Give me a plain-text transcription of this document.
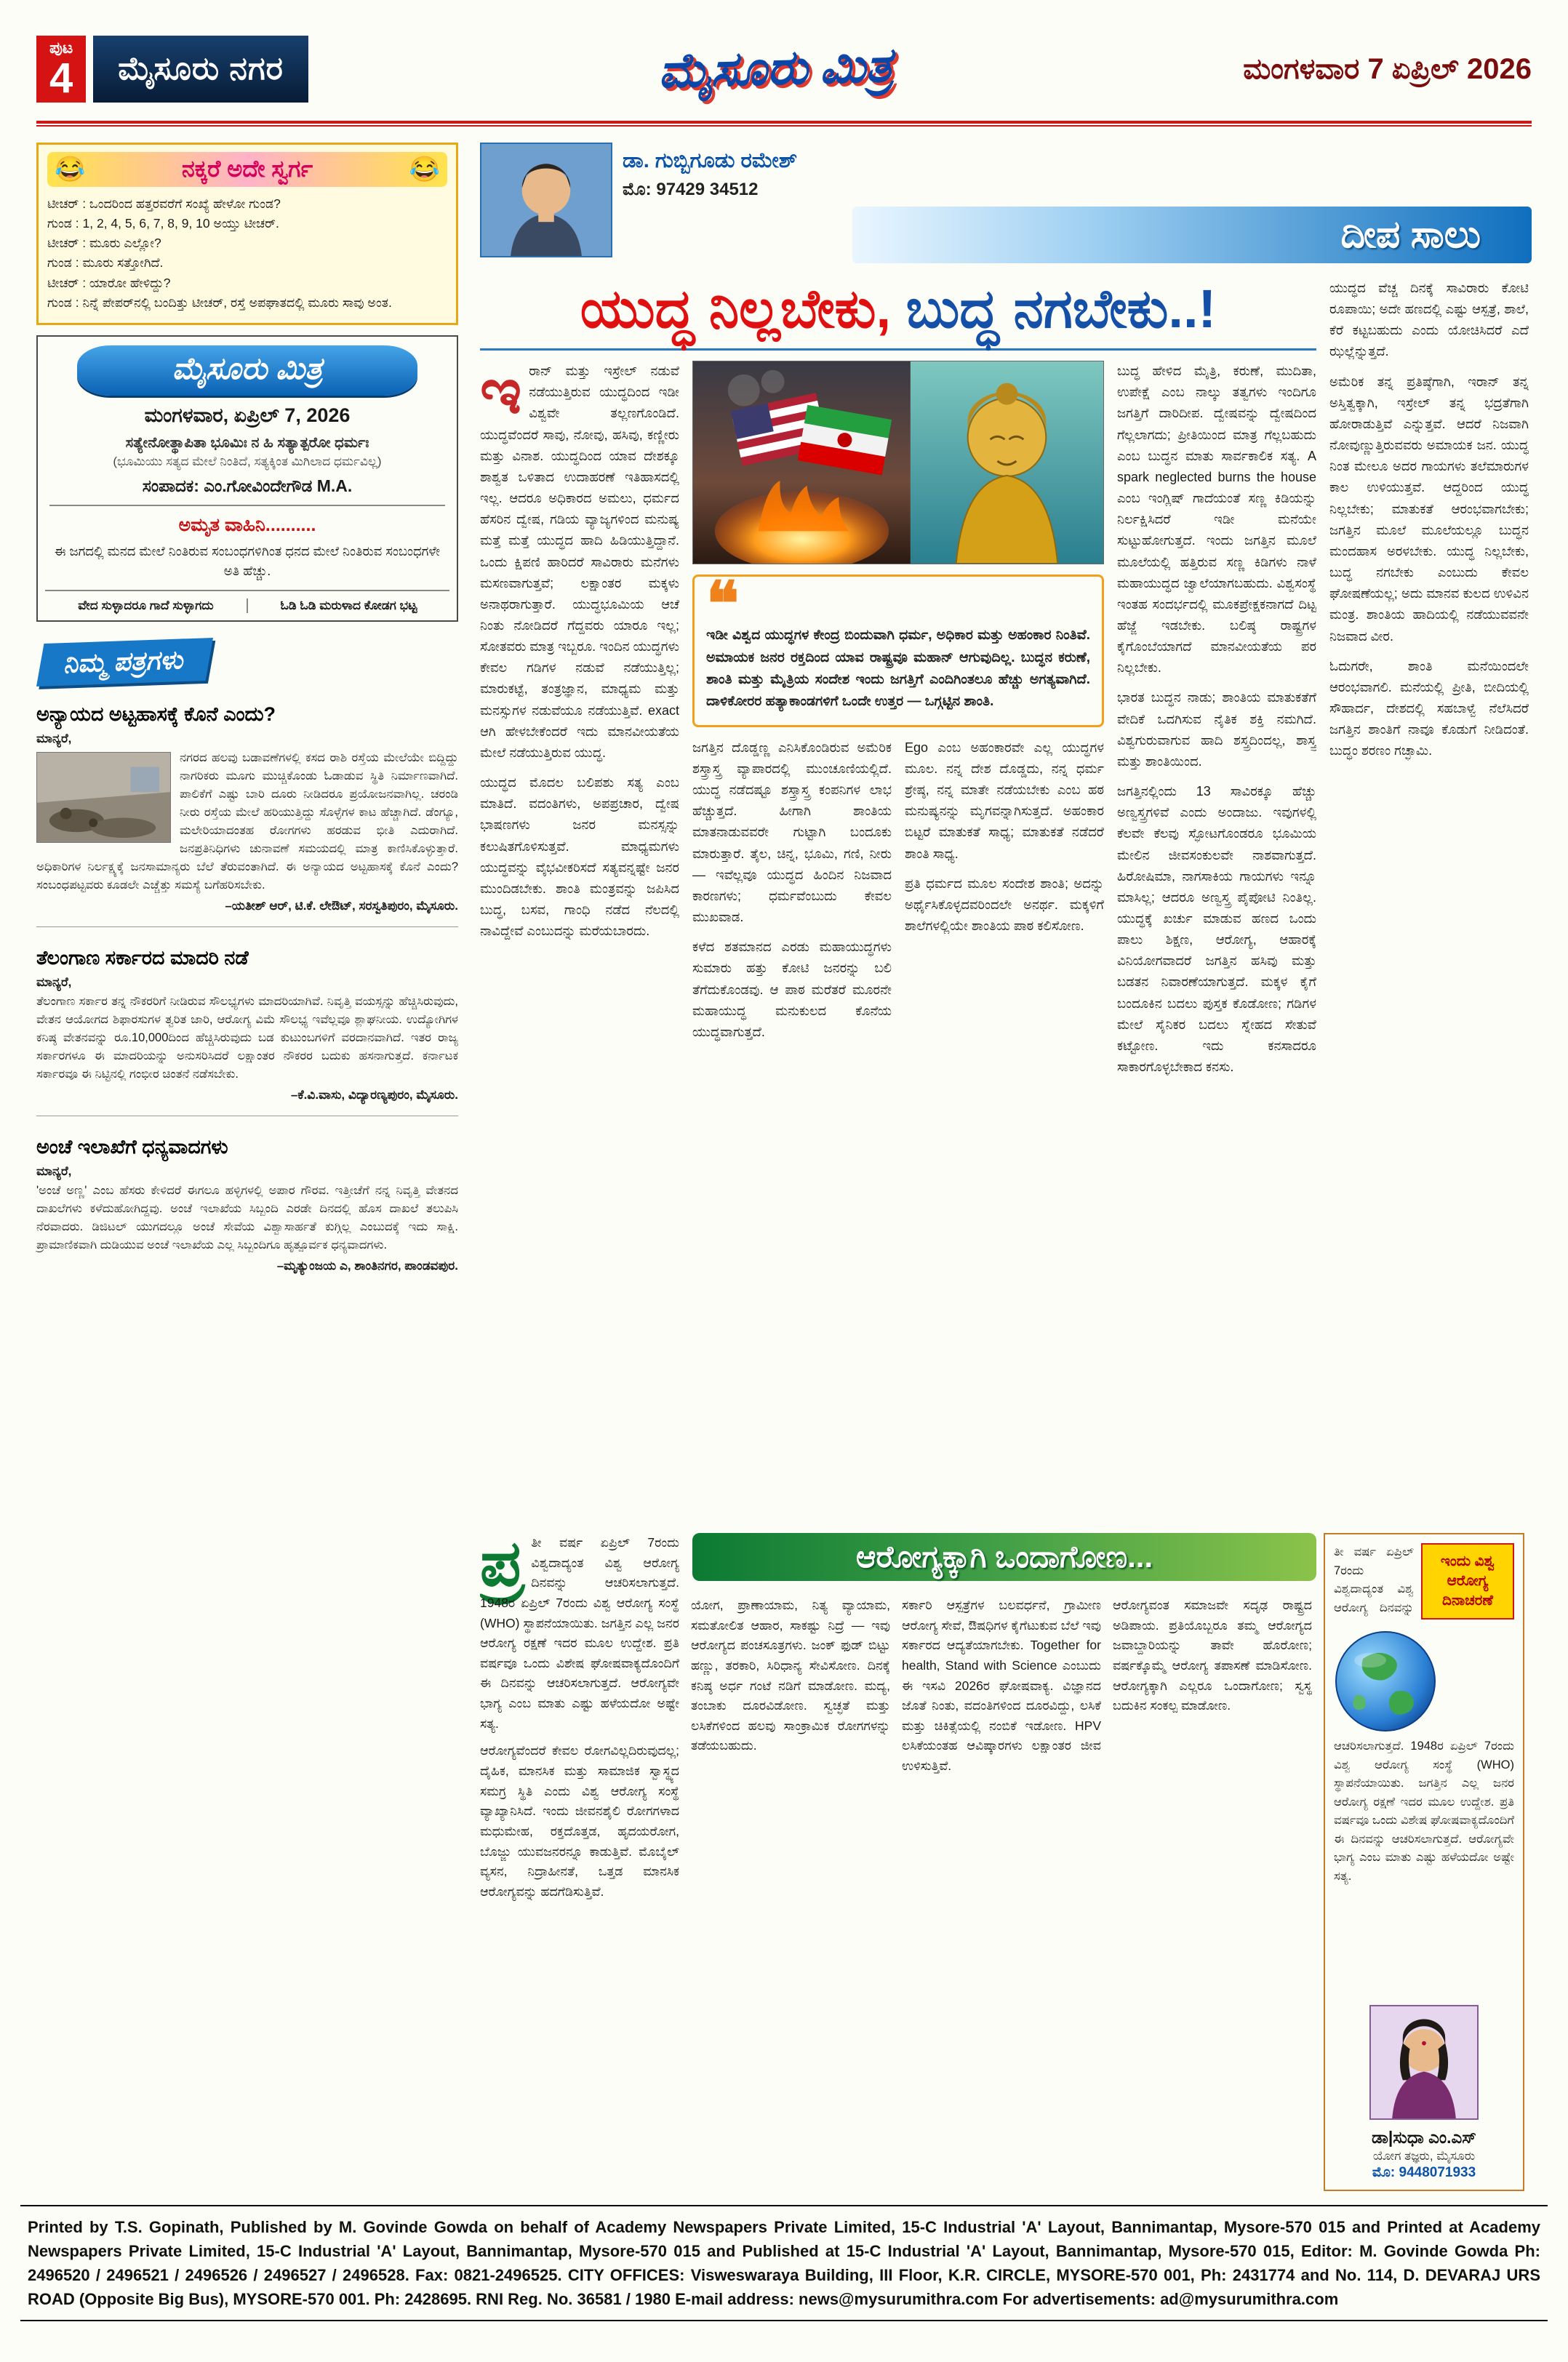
ಪುಟ
4	ಮೈಸೂರು ನಗರ	ಮೈಸೂರು ಮಿತ್ರ	ಮಂಗಳವಾರ 7 ಏಪ್ರಿಲ್ 2026
😂	ನಕ್ಕರೆ ಅದೇ ಸ್ವರ್ಗ	😂

ಟೀಚರ್ : ಒಂದರಿಂದ ಹತ್ತರವರೆಗೆ ಸಂಖ್ಯೆ ಹೇಳೋ ಗುಂಡ?

ಗುಂಡ : 1, 2, 4, 5, 6, 7, 8, 9, 10 ಅಯ್ತು ಟೀಚರ್.

ಟೀಚರ್ : ಮೂರು ಎಲ್ಲೋ?

ಗುಂಡ : ಮೂರು ಸತ್ತೋಗಿದೆ.

ಟೀಚರ್ : ಯಾರೋ ಹೇಳಿದ್ದು?

ಗುಂಡ : ನಿನ್ನೆ ಪೇಪರ್‌ನಲ್ಲಿ ಬಂದಿತ್ತು ಟೀಚರ್, ರಸ್ತೆ ಅಪಘಾತದಲ್ಲಿ ಮೂರು ಸಾವು ಅಂತ.

ಮೈಸೂರು ಮಿತ್ರ
ಮಂಗಳವಾರ, ಏಪ್ರಿಲ್ 7, 2026
ಸತ್ಯೇನೋತ್ಥಾಪಿತಾ ಭೂಮಿಃ ನ ಹಿ ಸತ್ಯಾತ್ಪರೋ ಧರ್ಮಃ
(ಭೂಮಿಯು ಸತ್ಯದ ಮೇಲೆ ನಿಂತಿದೆ, ಸತ್ಯಕ್ಕಿಂತ ಮಿಗಿಲಾದ ಧರ್ಮವಿಲ್ಲ)
ಸಂಪಾದಕ: ಎಂ.ಗೋವಿಂದೇಗೌಡ M.A.
ಅಮೃತ ವಾಹಿನಿ..........
ಈ ಜಗದಲ್ಲಿ ಮನದ ಮೇಲೆ ನಿಂತಿರುವ ಸಂಬಂಧಗಳಿಗಿಂತ ಧನದ ಮೇಲೆ ನಿಂತಿರುವ ಸಂಬಂಧಗಳೇ ಅತಿ ಹೆಚ್ಚು.
ವೇದ ಸುಳ್ಳಾದರೂ ಗಾದೆ ಸುಳ್ಳಾಗದು	ಓಡಿ ಓಡಿ ಮರುಳಾದ ಕೋಡಗ ಭಟ್ಟ
ನಿಮ್ಮ ಪತ್ರಗಳು
ಅನ್ಯಾಯದ ಅಟ್ಟಹಾಸಕ್ಕೆ ಕೊನೆ ಎಂದು?

ಮಾನ್ಯರೆ,

ನಗರದ ಹಲವು ಬಡಾವಣೆಗಳಲ್ಲಿ ಕಸದ ರಾಶಿ ರಸ್ತೆಯ ಮೇಲೆಯೇ ಬಿದ್ದಿದ್ದು ನಾಗರಿಕರು ಮೂಗು ಮುಚ್ಚಿಕೊಂಡು ಓಡಾಡುವ ಸ್ಥಿತಿ ನಿರ್ಮಾಣವಾಗಿದೆ. ಪಾಲಿಕೆಗೆ ಎಷ್ಟು ಬಾರಿ ದೂರು ನೀಡಿದರೂ ಪ್ರಯೋಜನವಾಗಿಲ್ಲ. ಚರಂಡಿ ನೀರು ರಸ್ತೆಯ ಮೇಲೆ ಹರಿಯುತ್ತಿದ್ದು ಸೊಳ್ಳೆಗಳ ಕಾಟ ಹೆಚ್ಚಾಗಿದೆ. ಡೆಂಗ್ಯೂ, ಮಲೇರಿಯಾದಂತಹ ರೋಗಗಳು ಹರಡುವ ಭೀತಿ ಎದುರಾಗಿದೆ. ಜನಪ್ರತಿನಿಧಿಗಳು ಚುನಾವಣೆ ಸಮಯದಲ್ಲಿ ಮಾತ್ರ ಕಾಣಿಸಿಕೊಳ್ಳುತ್ತಾರೆ. ಅಧಿಕಾರಿಗಳ ನಿರ್ಲಕ್ಷ್ಯಕ್ಕೆ ಜನಸಾಮಾನ್ಯರು ಬೆಲೆ ತೆರುವಂತಾಗಿದೆ. ಈ ಅನ್ಯಾಯದ ಅಟ್ಟಹಾಸಕ್ಕೆ ಕೊನೆ ಎಂದು? ಸಂಬಂಧಪಟ್ಟವರು ಕೂಡಲೇ ಎಚ್ಚೆತ್ತು ಸಮಸ್ಯೆ ಬಗೆಹರಿಸಬೇಕು.

–ಯತೀಶ್ ಆರ್, ಟಿ.ಕೆ. ಲೇಔಟ್, ಸರಸ್ವತಿಪುರಂ, ಮೈಸೂರು.

ತೆಲಂಗಾಣ ಸರ್ಕಾರದ ಮಾದರಿ ನಡೆ

ಮಾನ್ಯರೆ,

ತೆಲಂಗಾಣ ಸರ್ಕಾರ ತನ್ನ ನೌಕರರಿಗೆ ನೀಡಿರುವ ಸೌಲಭ್ಯಗಳು ಮಾದರಿಯಾಗಿವೆ. ನಿವೃತ್ತಿ ವಯಸ್ಸನ್ನು ಹೆಚ್ಚಿಸಿರುವುದು, ವೇತನ ಆಯೋಗದ ಶಿಫಾರಸುಗಳ ತ್ವರಿತ ಜಾರಿ, ಆರೋಗ್ಯ ವಿಮೆ ಸೌಲಭ್ಯ ಇವೆಲ್ಲವೂ ಶ್ಲಾಘನೀಯ. ಉದ್ಯೋಗಿಗಳ ಕನಿಷ್ಠ ವೇತನವನ್ನು ರೂ.10,000ದಿಂದ ಹೆಚ್ಚಿಸಿರುವುದು ಬಡ ಕುಟುಂಬಗಳಿಗೆ ವರದಾನವಾಗಿದೆ. ಇತರ ರಾಜ್ಯ ಸರ್ಕಾರಗಳೂ ಈ ಮಾದರಿಯನ್ನು ಅನುಸರಿಸಿದರೆ ಲಕ್ಷಾಂತರ ನೌಕರರ ಬದುಕು ಹಸನಾಗುತ್ತದೆ. ಕರ್ನಾಟಕ ಸರ್ಕಾರವೂ ಈ ನಿಟ್ಟಿನಲ್ಲಿ ಗಂಭೀರ ಚಿಂತನೆ ನಡೆಸಬೇಕು.

–ಕೆ.ವಿ.ವಾಸು, ವಿದ್ಯಾರಣ್ಯಪುರಂ, ಮೈಸೂರು.

ಅಂಚೆ ಇಲಾಖೆಗೆ ಧನ್ಯವಾದಗಳು

ಮಾನ್ಯರೆ,

'ಅಂಚೆ ಅಣ್ಣ' ಎಂಬ ಹೆಸರು ಕೇಳಿದರೆ ಈಗಲೂ ಹಳ್ಳಿಗಳಲ್ಲಿ ಅಪಾರ ಗೌರವ. ಇತ್ತೀಚೆಗೆ ನನ್ನ ನಿವೃತ್ತಿ ವೇತನದ ದಾಖಲೆಗಳು ಕಳೆದುಹೋಗಿದ್ದವು. ಅಂಚೆ ಇಲಾಖೆಯ ಸಿಬ್ಬಂದಿ ಎರಡೇ ದಿನದಲ್ಲಿ ಹೊಸ ದಾಖಲೆ ತಲುಪಿಸಿ ನೆರವಾದರು. ಡಿಜಿಟಲ್ ಯುಗದಲ್ಲೂ ಅಂಚೆ ಸೇವೆಯ ವಿಶ್ವಾಸಾರ್ಹತೆ ಕುಗ್ಗಿಲ್ಲ ಎಂಬುದಕ್ಕೆ ಇದು ಸಾಕ್ಷಿ. ಪ್ರಾಮಾಣಿಕವಾಗಿ ದುಡಿಯುವ ಅಂಚೆ ಇಲಾಖೆಯ ಎಲ್ಲ ಸಿಬ್ಬಂದಿಗೂ ಹೃತ್ಪೂರ್ವಕ ಧನ್ಯವಾದಗಳು.

–ಮೃತ್ಯುಂಜಯ ಎ, ಶಾಂತಿನಗರ, ಪಾಂಡವಪುರ.

ಡಾ. ಗುಬ್ಬಿಗೂಡು ರಮೇಶ್
ಮೊ: 97429 34512
ದೀಪ ಸಾಲು
ಯುದ್ಧ ನಿಲ್ಲಬೇಕು, ಬುದ್ಧ ನಗಬೇಕು..!

ಇರಾನ್ ಮತ್ತು ಇಸ್ರೇಲ್ ನಡುವೆ ನಡೆಯುತ್ತಿರುವ ಯುದ್ಧದಿಂದ ಇಡೀ ವಿಶ್ವವೇ ತಲ್ಲಣಗೊಂಡಿದೆ. ಯುದ್ಧವೆಂದರೆ ಸಾವು, ನೋವು, ಹಸಿವು, ಕಣ್ಣೀರು ಮತ್ತು ವಿನಾಶ. ಯುದ್ಧದಿಂದ ಯಾವ ದೇಶಕ್ಕೂ ಶಾಶ್ವತ ಒಳಿತಾದ ಉದಾಹರಣೆ ಇತಿಹಾಸದಲ್ಲಿ ಇಲ್ಲ. ಆದರೂ ಅಧಿಕಾರದ ಅಮಲು, ಧರ್ಮದ ಹೆಸರಿನ ದ್ವೇಷ, ಗಡಿಯ ವ್ಯಾಜ್ಯಗಳಿಂದ ಮನುಷ್ಯ ಮತ್ತೆ ಮತ್ತೆ ಯುದ್ಧದ ಹಾದಿ ಹಿಡಿಯುತ್ತಿದ್ದಾನೆ. ಒಂದು ಕ್ಷಿಪಣಿ ಹಾರಿದರೆ ಸಾವಿರಾರು ಮನೆಗಳು ಮಸಣವಾಗುತ್ತವೆ; ಲಕ್ಷಾಂತರ ಮಕ್ಕಳು ಅನಾಥರಾಗುತ್ತಾರೆ. ಯುದ್ಧಭೂಮಿಯ ಆಚೆ ನಿಂತು ನೋಡಿದರೆ ಗೆದ್ದವರು ಯಾರೂ ಇಲ್ಲ; ಸೋತವರು ಮಾತ್ರ ಇಬ್ಬರೂ. ಇಂದಿನ ಯುದ್ಧಗಳು ಕೇವಲ ಗಡಿಗಳ ನಡುವೆ ನಡೆಯುತ್ತಿಲ್ಲ; ಮಾರುಕಟ್ಟೆ, ತಂತ್ರಜ್ಞಾನ, ಮಾಧ್ಯಮ ಮತ್ತು ಮನಸ್ಸುಗಳ ನಡುವೆಯೂ ನಡೆಯುತ್ತಿವೆ. exact ಆಗಿ ಹೇಳಬೇಕೆಂದರೆ ಇದು ಮಾನವೀಯತೆಯ ಮೇಲೆ ನಡೆಯುತ್ತಿರುವ ಯುದ್ಧ.

ಯುದ್ಧದ ಮೊದಲ ಬಲಿಪಶು ಸತ್ಯ ಎಂಬ ಮಾತಿದೆ. ವದಂತಿಗಳು, ಅಪಪ್ರಚಾರ, ದ್ವೇಷ ಭಾಷಣಗಳು ಜನರ ಮನಸ್ಸನ್ನು ಕಲುಷಿತಗೊಳಿಸುತ್ತವೆ. ಮಾಧ್ಯಮಗಳು ಯುದ್ಧವನ್ನು ವೈಭವೀಕರಿಸದೆ ಸತ್ಯವನ್ನಷ್ಟೇ ಜನರ ಮುಂದಿಡಬೇಕು. ಶಾಂತಿ ಮಂತ್ರವನ್ನು ಜಪಿಸಿದ ಬುದ್ಧ, ಬಸವ, ಗಾಂಧಿ ನಡೆದ ನೆಲದಲ್ಲಿ ನಾವಿದ್ದೇವೆ ಎಂಬುದನ್ನು ಮರೆಯಬಾರದು.

❝

ಇಡೀ ವಿಶ್ವದ ಯುದ್ಧಗಳ ಕೇಂದ್ರ ಬಿಂದುವಾಗಿ ಧರ್ಮ, ಅಧಿಕಾರ ಮತ್ತು ಅಹಂಕಾರ ನಿಂತಿವೆ. ಅಮಾಯಕ ಜನರ ರಕ್ತದಿಂದ ಯಾವ ರಾಷ್ಟ್ರವೂ ಮಹಾನ್ ಆಗುವುದಿಲ್ಲ. ಬುದ್ಧನ ಕರುಣೆ, ಶಾಂತಿ ಮತ್ತು ಮೈತ್ರಿಯ ಸಂದೇಶ ಇಂದು ಜಗತ್ತಿಗೆ ಎಂದಿಗಿಂತಲೂ ಹೆಚ್ಚು ಅಗತ್ಯವಾಗಿದೆ. ದಾಳಿಕೋರರ ಹತ್ಯಾಕಾಂಡಗಳಿಗೆ ಒಂದೇ ಉತ್ತರ — ಒಗ್ಗಟ್ಟಿನ ಶಾಂತಿ.

ಜಗತ್ತಿನ ದೊಡ್ಡಣ್ಣ ಎನಿಸಿಕೊಂಡಿರುವ ಅಮೆರಿಕ ಶಸ್ತ್ರಾಸ್ತ್ರ ವ್ಯಾಪಾರದಲ್ಲಿ ಮುಂಚೂಣಿಯಲ್ಲಿದೆ. ಯುದ್ಧ ನಡೆದಷ್ಟೂ ಶಸ್ತ್ರಾಸ್ತ್ರ ಕಂಪನಿಗಳ ಲಾಭ ಹೆಚ್ಚುತ್ತದೆ. ಹೀಗಾಗಿ ಶಾಂತಿಯ ಮಾತನಾಡುವವರೇ ಗುಟ್ಟಾಗಿ ಬಂದೂಕು ಮಾರುತ್ತಾರೆ. ತೈಲ, ಚಿನ್ನ, ಭೂಮಿ, ಗಣಿ, ನೀರು — ಇವೆಲ್ಲವೂ ಯುದ್ಧದ ಹಿಂದಿನ ನಿಜವಾದ ಕಾರಣಗಳು; ಧರ್ಮವೆಂಬುದು ಕೇವಲ ಮುಖವಾಡ.

ಕಳೆದ ಶತಮಾನದ ಎರಡು ಮಹಾಯುದ್ಧಗಳು ಸುಮಾರು ಹತ್ತು ಕೋಟಿ ಜನರನ್ನು ಬಲಿ ತೆಗೆದುಕೊಂಡವು. ಆ ಪಾಠ ಮರೆತರೆ ಮೂರನೇ ಮಹಾಯುದ್ಧ ಮನುಕುಲದ ಕೊನೆಯ ಯುದ್ಧವಾಗುತ್ತದೆ.

Ego ಎಂಬ ಅಹಂಕಾರವೇ ಎಲ್ಲ ಯುದ್ಧಗಳ ಮೂಲ. ನನ್ನ ದೇಶ ದೊಡ್ಡದು, ನನ್ನ ಧರ್ಮ ಶ್ರೇಷ್ಠ, ನನ್ನ ಮಾತೇ ನಡೆಯಬೇಕು ಎಂಬ ಹಠ ಮನುಷ್ಯನನ್ನು ಮೃಗವನ್ನಾಗಿಸುತ್ತದೆ. ಅಹಂಕಾರ ಬಿಟ್ಟರೆ ಮಾತುಕತೆ ಸಾಧ್ಯ; ಮಾತುಕತೆ ನಡೆದರೆ ಶಾಂತಿ ಸಾಧ್ಯ.

ಪ್ರತಿ ಧರ್ಮದ ಮೂಲ ಸಂದೇಶ ಶಾಂತಿ; ಅದನ್ನು ಅರ್ಥೈಸಿಕೊಳ್ಳದವರಿಂದಲೇ ಅನರ್ಥ. ಮಕ್ಕಳಿಗೆ ಶಾಲೆಗಳಲ್ಲಿಯೇ ಶಾಂತಿಯ ಪಾಠ ಕಲಿಸೋಣ.

ಬುದ್ಧ ಹೇಳಿದ ಮೈತ್ರಿ, ಕರುಣೆ, ಮುದಿತಾ, ಉಪೇಕ್ಷೆ ಎಂಬ ನಾಲ್ಕು ತತ್ವಗಳು ಇಂದಿಗೂ ಜಗತ್ತಿಗೆ ದಾರಿದೀಪ. ದ್ವೇಷವನ್ನು ದ್ವೇಷದಿಂದ ಗೆಲ್ಲಲಾಗದು; ಪ್ರೀತಿಯಿಂದ ಮಾತ್ರ ಗೆಲ್ಲಬಹುದು ಎಂಬ ಬುದ್ಧನ ಮಾತು ಸಾರ್ವಕಾಲಿಕ ಸತ್ಯ. A spark neglected burns the house ಎಂಬ ಇಂಗ್ಲಿಷ್ ಗಾದೆಯಂತೆ ಸಣ್ಣ ಕಿಡಿಯನ್ನು ನಿರ್ಲಕ್ಷಿಸಿದರೆ ಇಡೀ ಮನೆಯೇ ಸುಟ್ಟುಹೋಗುತ್ತದೆ. ಇಂದು ಜಗತ್ತಿನ ಮೂಲೆ ಮೂಲೆಯಲ್ಲಿ ಹತ್ತಿರುವ ಸಣ್ಣ ಕಿಡಿಗಳು ನಾಳೆ ಮಹಾಯುದ್ಧದ ಜ್ವಾಲೆಯಾಗಬಹುದು. ವಿಶ್ವಸಂಸ್ಥೆ ಇಂತಹ ಸಂದರ್ಭದಲ್ಲಿ ಮೂಕಪ್ರೇಕ್ಷಕನಾಗದೆ ದಿಟ್ಟ ಹೆಜ್ಜೆ ಇಡಬೇಕು. ಬಲಿಷ್ಠ ರಾಷ್ಟ್ರಗಳ ಕೈಗೊಂಬೆಯಾಗದೆ ಮಾನವೀಯತೆಯ ಪರ ನಿಲ್ಲಬೇಕು.

ಭಾರತ ಬುದ್ಧನ ನಾಡು; ಶಾಂತಿಯ ಮಾತುಕತೆಗೆ ವೇದಿಕೆ ಒದಗಿಸುವ ನೈತಿಕ ಶಕ್ತಿ ನಮಗಿದೆ. ವಿಶ್ವಗುರುವಾಗುವ ಹಾದಿ ಶಸ್ತ್ರದಿಂದಲ್ಲ, ಶಾಸ್ತ್ರ ಮತ್ತು ಶಾಂತಿಯಿಂದ.

ಜಗತ್ತಿನಲ್ಲಿಂದು 13 ಸಾವಿರಕ್ಕೂ ಹೆಚ್ಚು ಅಣ್ವಸ್ತ್ರಗಳಿವೆ ಎಂದು ಅಂದಾಜು. ಇವುಗಳಲ್ಲಿ ಕೆಲವೇ ಕೆಲವು ಸ್ಫೋಟಗೊಂಡರೂ ಭೂಮಿಯ ಮೇಲಿನ ಜೀವಸಂಕುಲವೇ ನಾಶವಾಗುತ್ತದೆ. ಹಿರೋಷಿಮಾ, ನಾಗಸಾಕಿಯ ಗಾಯಗಳು ಇನ್ನೂ ಮಾಸಿಲ್ಲ; ಆದರೂ ಅಣ್ವಸ್ತ್ರ ಪೈಪೋಟಿ ನಿಂತಿಲ್ಲ. ಯುದ್ಧಕ್ಕೆ ಖರ್ಚು ಮಾಡುವ ಹಣದ ಒಂದು ಪಾಲು ಶಿಕ್ಷಣ, ಆರೋಗ್ಯ, ಆಹಾರಕ್ಕೆ ವಿನಿಯೋಗವಾದರೆ ಜಗತ್ತಿನ ಹಸಿವು ಮತ್ತು ಬಡತನ ನಿವಾರಣೆಯಾಗುತ್ತದೆ. ಮಕ್ಕಳ ಕೈಗೆ ಬಂದೂಕಿನ ಬದಲು ಪುಸ್ತಕ ಕೊಡೋಣ; ಗಡಿಗಳ ಮೇಲೆ ಸೈನಿಕರ ಬದಲು ಸ್ನೇಹದ ಸೇತುವೆ ಕಟ್ಟೋಣ. ಇದು ಕನಸಾದರೂ ಸಾಕಾರಗೊಳ್ಳಬೇಕಾದ ಕನಸು.

ಯುದ್ಧದ ವೆಚ್ಚ ದಿನಕ್ಕೆ ಸಾವಿರಾರು ಕೋಟಿ ರೂಪಾಯಿ; ಅದೇ ಹಣದಲ್ಲಿ ಎಷ್ಟು ಆಸ್ಪತ್ರೆ, ಶಾಲೆ, ಕೆರೆ ಕಟ್ಟಬಹುದು ಎಂದು ಯೋಚಿಸಿದರೆ ಎದೆ ಝಲ್ಲೆನ್ನುತ್ತದೆ.

ಅಮೆರಿಕ ತನ್ನ ಪ್ರತಿಷ್ಠೆಗಾಗಿ, ಇರಾನ್ ತನ್ನ ಅಸ್ತಿತ್ವಕ್ಕಾಗಿ, ಇಸ್ರೇಲ್ ತನ್ನ ಭದ್ರತೆಗಾಗಿ ಹೋರಾಡುತ್ತಿವೆ ಎನ್ನುತ್ತವೆ. ಆದರೆ ನಿಜವಾಗಿ ನೋವುಣ್ಣುತ್ತಿರುವವರು ಅಮಾಯಕ ಜನ. ಯುದ್ಧ ನಿಂತ ಮೇಲೂ ಅದರ ಗಾಯಗಳು ತಲೆಮಾರುಗಳ ಕಾಲ ಉಳಿಯುತ್ತವೆ. ಆದ್ದರಿಂದ ಯುದ್ಧ ನಿಲ್ಲಬೇಕು; ಮಾತುಕತೆ ಆರಂಭವಾಗಬೇಕು; ಜಗತ್ತಿನ ಮೂಲೆ ಮೂಲೆಯಲ್ಲೂ ಬುದ್ಧನ ಮಂದಹಾಸ ಅರಳಬೇಕು. ಯುದ್ಧ ನಿಲ್ಲಬೇಕು, ಬುದ್ಧ ನಗಬೇಕು ಎಂಬುದು ಕೇವಲ ಘೋಷಣೆಯಲ್ಲ; ಅದು ಮಾನವ ಕುಲದ ಉಳಿವಿನ ಮಂತ್ರ. ಶಾಂತಿಯ ಹಾದಿಯಲ್ಲಿ ನಡೆಯುವವನೇ ನಿಜವಾದ ವೀರ.

ಓದುಗರೇ, ಶಾಂತಿ ಮನೆಯಿಂದಲೇ ಆರಂಭವಾಗಲಿ. ಮನೆಯಲ್ಲಿ ಪ್ರೀತಿ, ಬೀದಿಯಲ್ಲಿ ಸೌಹಾರ್ದ, ದೇಶದಲ್ಲಿ ಸಹಬಾಳ್ವೆ ನೆಲೆಸಿದರೆ ಜಗತ್ತಿನ ಶಾಂತಿಗೆ ನಾವೂ ಕೊಡುಗೆ ನೀಡಿದಂತೆ. ಬುದ್ಧಂ ಶರಣಂ ಗಚ್ಛಾಮಿ.

ಆರೋಗ್ಯಕ್ಕಾಗಿ ಒಂದಾಗೋಣ...

ಪ್ರ ತೀ ವರ್ಷ ಏಪ್ರಿಲ್ 7ರಂದು ವಿಶ್ವದಾದ್ಯಂತ ವಿಶ್ವ ಆರೋಗ್ಯ ದಿನವನ್ನು ಆಚರಿಸಲಾಗುತ್ತದೆ. 1948ರ ಏಪ್ರಿಲ್ 7ರಂದು ವಿಶ್ವ ಆರೋಗ್ಯ ಸಂಸ್ಥೆ (WHO) ಸ್ಥಾಪನೆಯಾಯಿತು. ಜಗತ್ತಿನ ಎಲ್ಲ ಜನರ ಆರೋಗ್ಯ ರಕ್ಷಣೆ ಇದರ ಮೂಲ ಉದ್ದೇಶ. ಪ್ರತಿ ವರ್ಷವೂ ಒಂದು ವಿಶೇಷ ಘೋಷವಾಕ್ಯದೊಂದಿಗೆ ಈ ದಿನವನ್ನು ಆಚರಿಸಲಾಗುತ್ತದೆ. ಆರೋಗ್ಯವೇ ಭಾಗ್ಯ ಎಂಬ ಮಾತು ಎಷ್ಟು ಹಳೆಯದೋ ಅಷ್ಟೇ ಸತ್ಯ.

ಆರೋಗ್ಯವೆಂದರೆ ಕೇವಲ ರೋಗವಿಲ್ಲದಿರುವುದಲ್ಲ; ದೈಹಿಕ, ಮಾನಸಿಕ ಮತ್ತು ಸಾಮಾಜಿಕ ಸ್ವಾಸ್ಥ್ಯದ ಸಮಗ್ರ ಸ್ಥಿತಿ ಎಂದು ವಿಶ್ವ ಆರೋಗ್ಯ ಸಂಸ್ಥೆ ವ್ಯಾಖ್ಯಾನಿಸಿದೆ. ಇಂದು ಜೀವನಶೈಲಿ ರೋಗಗಳಾದ ಮಧುಮೇಹ, ರಕ್ತದೊತ್ತಡ, ಹೃದಯರೋಗ, ಬೊಜ್ಜು ಯುವಜನರನ್ನೂ ಕಾಡುತ್ತಿವೆ. ಮೊಬೈಲ್ ವ್ಯಸನ, ನಿದ್ರಾಹೀನತೆ, ಒತ್ತಡ ಮಾನಸಿಕ ಆರೋಗ್ಯವನ್ನು ಹದಗೆಡಿಸುತ್ತಿವೆ.

ಯೋಗ, ಪ್ರಾಣಾಯಾಮ, ನಿತ್ಯ ವ್ಯಾಯಾಮ, ಸಮತೋಲಿತ ಆಹಾರ, ಸಾಕಷ್ಟು ನಿದ್ರೆ — ಇವು ಆರೋಗ್ಯದ ಪಂಚಸೂತ್ರಗಳು. ಜಂಕ್ ಫುಡ್ ಬಿಟ್ಟು ಹಣ್ಣು, ತರಕಾರಿ, ಸಿರಿಧಾನ್ಯ ಸೇವಿಸೋಣ. ದಿನಕ್ಕೆ ಕನಿಷ್ಠ ಅರ್ಧ ಗಂಟೆ ನಡಿಗೆ ಮಾಡೋಣ. ಮದ್ಯ, ತಂಬಾಕು ದೂರವಿಡೋಣ. ಸ್ವಚ್ಛತೆ ಮತ್ತು ಲಸಿಕೆಗಳಿಂದ ಹಲವು ಸಾಂಕ್ರಾಮಿಕ ರೋಗಗಳನ್ನು ತಡೆಯಬಹುದು.

ಸರ್ಕಾರಿ ಆಸ್ಪತ್ರೆಗಳ ಬಲವರ್ಧನೆ, ಗ್ರಾಮೀಣ ಆರೋಗ್ಯ ಸೇವೆ, ಔಷಧಿಗಳ ಕೈಗೆಟುಕುವ ಬೆಲೆ ಇವು ಸರ್ಕಾರದ ಆದ್ಯತೆಯಾಗಬೇಕು. Together for health, Stand with Science ಎಂಬುದು ಈ ಇಸವಿ 2026ರ ಘೋಷವಾಕ್ಯ. ವಿಜ್ಞಾನದ ಜೊತೆ ನಿಂತು, ವದಂತಿಗಳಿಂದ ದೂರವಿದ್ದು, ಲಸಿಕೆ ಮತ್ತು ಚಿಕಿತ್ಸೆಯಲ್ಲಿ ನಂಬಿಕೆ ಇಡೋಣ. HPV ಲಸಿಕೆಯಂತಹ ಆವಿಷ್ಕಾರಗಳು ಲಕ್ಷಾಂತರ ಜೀವ ಉಳಿಸುತ್ತಿವೆ.

ಆರೋಗ್ಯವಂತ ಸಮಾಜವೇ ಸದೃಢ ರಾಷ್ಟ್ರದ ಅಡಿಪಾಯ. ಪ್ರತಿಯೊಬ್ಬರೂ ತಮ್ಮ ಆರೋಗ್ಯದ ಜವಾಬ್ದಾರಿಯನ್ನು ತಾವೇ ಹೊರೋಣ; ವರ್ಷಕ್ಕೊಮ್ಮೆ ಆರೋಗ್ಯ ತಪಾಸಣೆ ಮಾಡಿಸೋಣ. ಆರೋಗ್ಯಕ್ಕಾಗಿ ಎಲ್ಲರೂ ಒಂದಾಗೋಣ; ಸ್ವಸ್ಥ ಬದುಕಿನ ಸಂಕಲ್ಪ ಮಾಡೋಣ.

ಇಂದು ವಿಶ್ವ ಆರೋಗ್ಯ ದಿನಾಚರಣೆ

ತೀ ವರ್ಷ ಏಪ್ರಿಲ್ 7ರಂದು ವಿಶ್ವದಾದ್ಯಂತ ವಿಶ್ವ ಆರೋಗ್ಯ ದಿನವನ್ನು ಆಚರಿಸಲಾಗುತ್ತದೆ. 1948ರ ಏಪ್ರಿಲ್ 7ರಂದು ವಿಶ್ವ ಆರೋಗ್ಯ ಸಂಸ್ಥೆ (WHO) ಸ್ಥಾಪನೆಯಾಯಿತು. ಜಗತ್ತಿನ ಎಲ್ಲ ಜನರ ಆರೋಗ್ಯ ರಕ್ಷಣೆ ಇದರ ಮೂಲ ಉದ್ದೇಶ. ಪ್ರತಿ ವರ್ಷವೂ ಒಂದು ವಿಶೇಷ ಘೋಷವಾಕ್ಯದೊಂದಿಗೆ ಈ ದಿನವನ್ನು ಆಚರಿಸಲಾಗುತ್ತದೆ. ಆರೋಗ್ಯವೇ ಭಾಗ್ಯ ಎಂಬ ಮಾತು ಎಷ್ಟು ಹಳೆಯದೋ ಅಷ್ಟೇ ಸತ್ಯ.

ಡಾ|ಸುಧಾ ಎಂ.ಎಸ್
ಯೋಗ ತಜ್ಞರು, ಮೈಸೂರು
ಮೊ: 9448071933

Printed by T.S. Gopinath, Published by M. Govinde Gowda on behalf of Academy Newspapers Private Limited, 15-C Industrial 'A' Layout, Bannimantap, Mysore-570 015 and Printed at Academy Newspapers Private Limited, 15-C Industrial 'A' Layout, Bannimantap, Mysore-570 015 and Published at 15-C Industrial 'A' Layout, Bannimantap, Mysore-570 015, Editor: M. Govinde Gowda Ph: 2496520 / 2496521 / 2496526 / 2496527 / 2496528. Fax: 0821-2496525. CITY OFFICES: Visweswaraya Building, III Floor, K.R. CIRCLE, MYSORE-570 001, Ph: 2431774 and No. 114, D. DEVARAJ URS ROAD (Opposite Big Bus), MYSORE-570 001. Ph: 2428695. RNI Reg. No. 36581 / 1980 E-mail address: news@mysurumithra.com For advertisements: ad@mysurumithra.com
